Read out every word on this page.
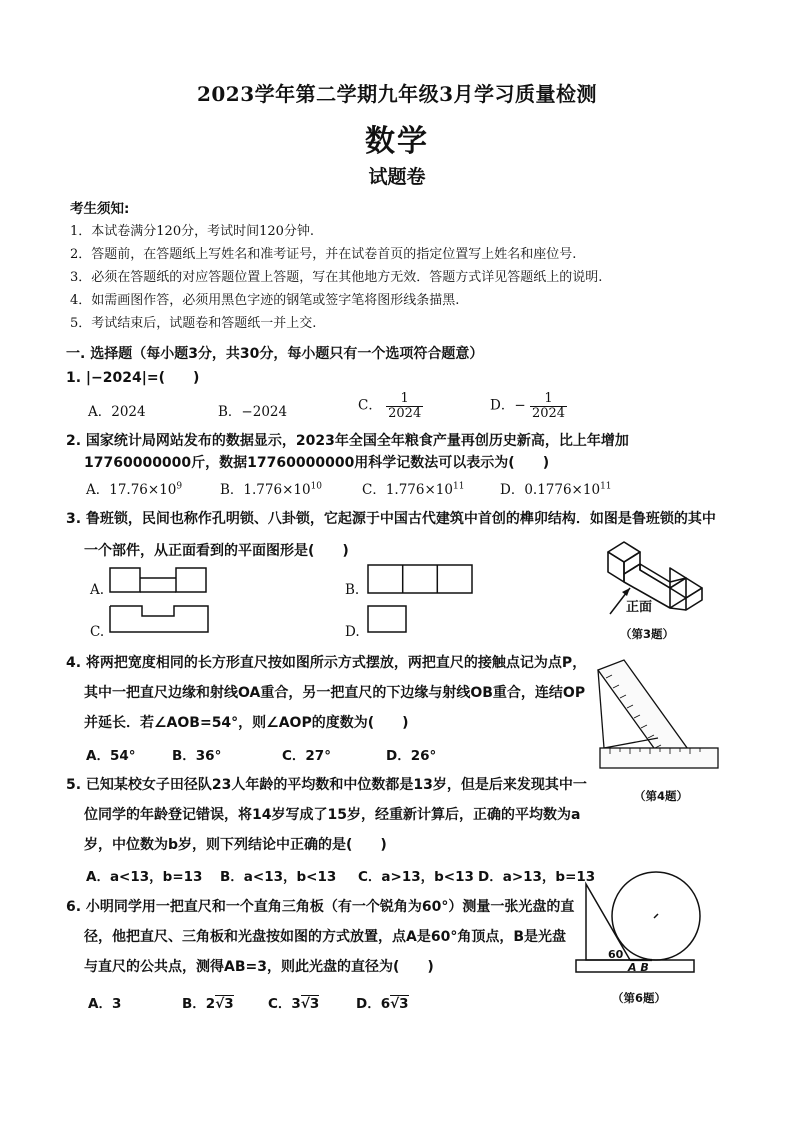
2023学年第二学期九年级3月学习质量检测
数学
试题卷
考生须知:
1．本试卷满分120分，考试时间120分钟.
2．答题前，在答题纸上写姓名和准考证号，并在试卷首页的指定位置写上姓名和座位号.
3．必须在答题纸的对应答题位置上答题，写在其他地方无效．答题方式详见答题纸上的说明.
4．如需画图作答，必须用黑色字迹的钢笔或签字笔将图形线条描黑.
5．考试结束后，试题卷和答题纸一并上交.
一. 选择题（每小题3分，共30分，每小题只有一个选项符合题意）
1. |−2024|=(　　)
A．2024	B．−2024	C． $\frac{1}{2024}$	D．− $\frac{1}{2024}$
2. 国家统计局网站发布的数据显示，2023年全国全年粮食产量再创历史新高，比上年增加
17760000000斤，数据17760000000用科学记数法可以表示为(　　)
A．$17.76\times 10^9$	B．$1.776\times 10^{10}$	C．$1.776\times 10^{11}$	D．$0.1776\times 10^{11}$
3. 鲁班锁，民间也称作孔明锁、八卦锁，它起源于中国古代建筑中首创的榫卯结构．如图是鲁班锁的其中
一个部件，从正面看到的平面图形是(　　)
A.	B.
C.	D.
正面
（第3题）
4. 将两把宽度相同的长方形直尺按如图所示方式摆放，两把直尺的接触点记为点P，
其中一把直尺边缘和射线OA重合，另一把直尺的下边缘与射线OB重合，连结OP
并延长．若∠AOB=54°，则∠AOP的度数为(　　)
A．54°	B．36°	C．27°	D．26°
（第4题）
5. 已知某校女子田径队23人年龄的平均数和中位数都是13岁，但是后来发现其中一
位同学的年龄登记错误，将14岁写成了15岁，经重新计算后，正确的平均数为a
岁，中位数为b岁，则下列结论中正确的是(　　)
A．a<13，b=13 B．a<13，b<13 C．a>13，b<13 D．a>13，b=13
6. 小明同学用一把直尺和一个直角三角板（有一个锐角为60°）测量一张光盘的直
径，他把直尺、三角板和光盘按如图的方式放置，点A是60°角顶点，B是光盘
与直尺的公共点，测得AB=3，则此光盘的直径为(　　)
A．3	B．2√3	C．3√3	D．6√3
60
A B
（第6题）
